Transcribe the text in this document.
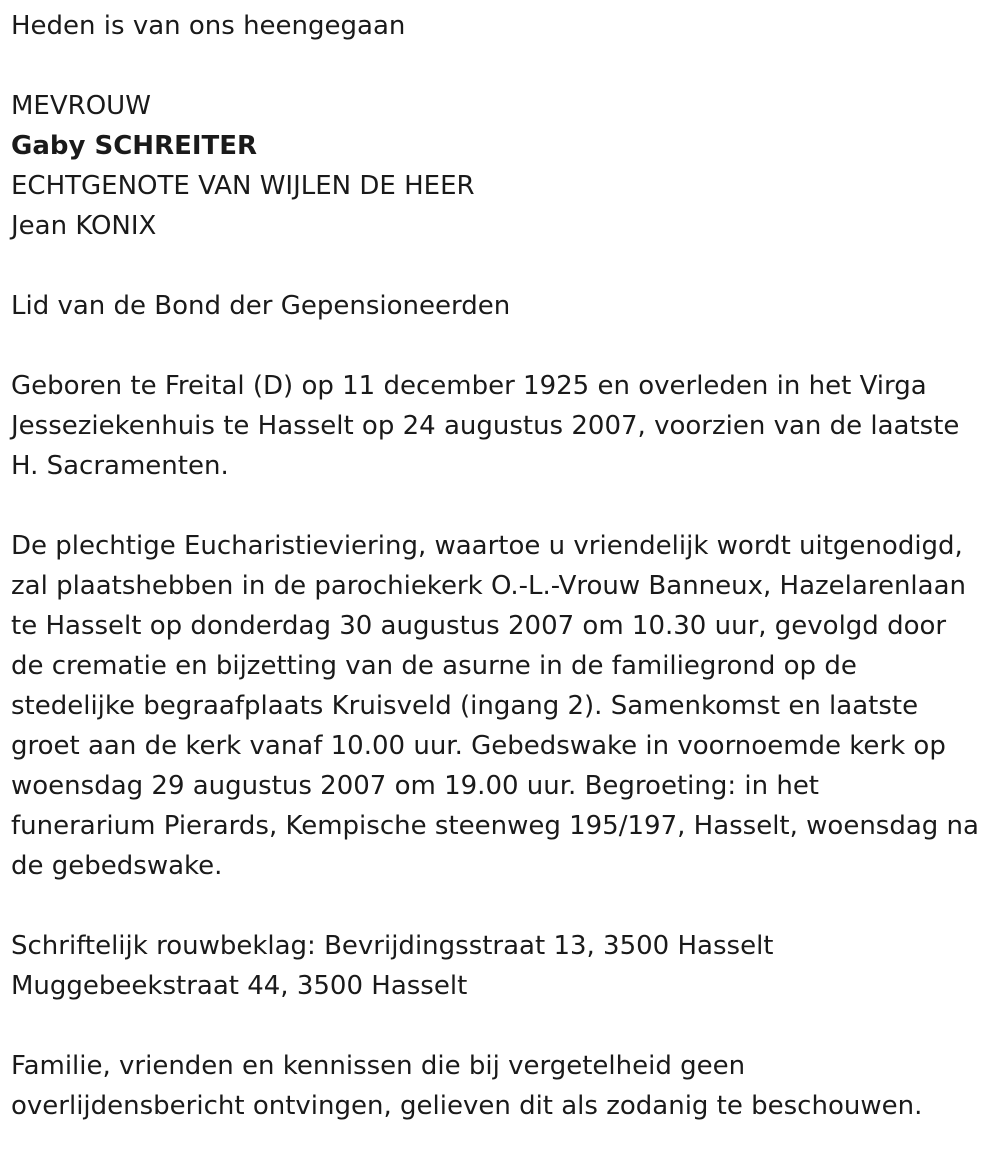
Heden is van ons heengegaan
MEVROUW
Gaby SCHREITER
ECHTGENOTE VAN WIJLEN DE HEER
Jean KONIX
Lid van de Bond der Gepensioneerden
Geboren te Freital (D) op 11 december 1925 en overleden in het Virga
Jesseziekenhuis te Hasselt op 24 augustus 2007, voorzien van de laatste
H. Sacramenten.
De plechtige Eucharistieviering, waartoe u vriendelijk wordt uitgenodigd,
zal plaatshebben in de parochiekerk O.-L.-Vrouw Banneux, Hazelarenlaan
te Hasselt op donderdag 30 augustus 2007 om 10.30 uur, gevolgd door
de crematie en bijzetting van de asurne in de familiegrond op de
stedelijke begraafplaats Kruisveld (ingang 2). Samenkomst en laatste
groet aan de kerk vanaf 10.00 uur. Gebedswake in voornoemde kerk op
woensdag 29 augustus 2007 om 19.00 uur. Begroeting: in het
funerarium Pierards, Kempische steenweg 195/197, Hasselt, woensdag na
de gebedswake.
Schriftelijk rouwbeklag: Bevrijdingsstraat 13, 3500 Hasselt
Muggebeekstraat 44, 3500 Hasselt
Familie, vrienden en kennissen die bij vergetelheid geen
overlijdensbericht ontvingen, gelieven dit als zodanig te beschouwen.
